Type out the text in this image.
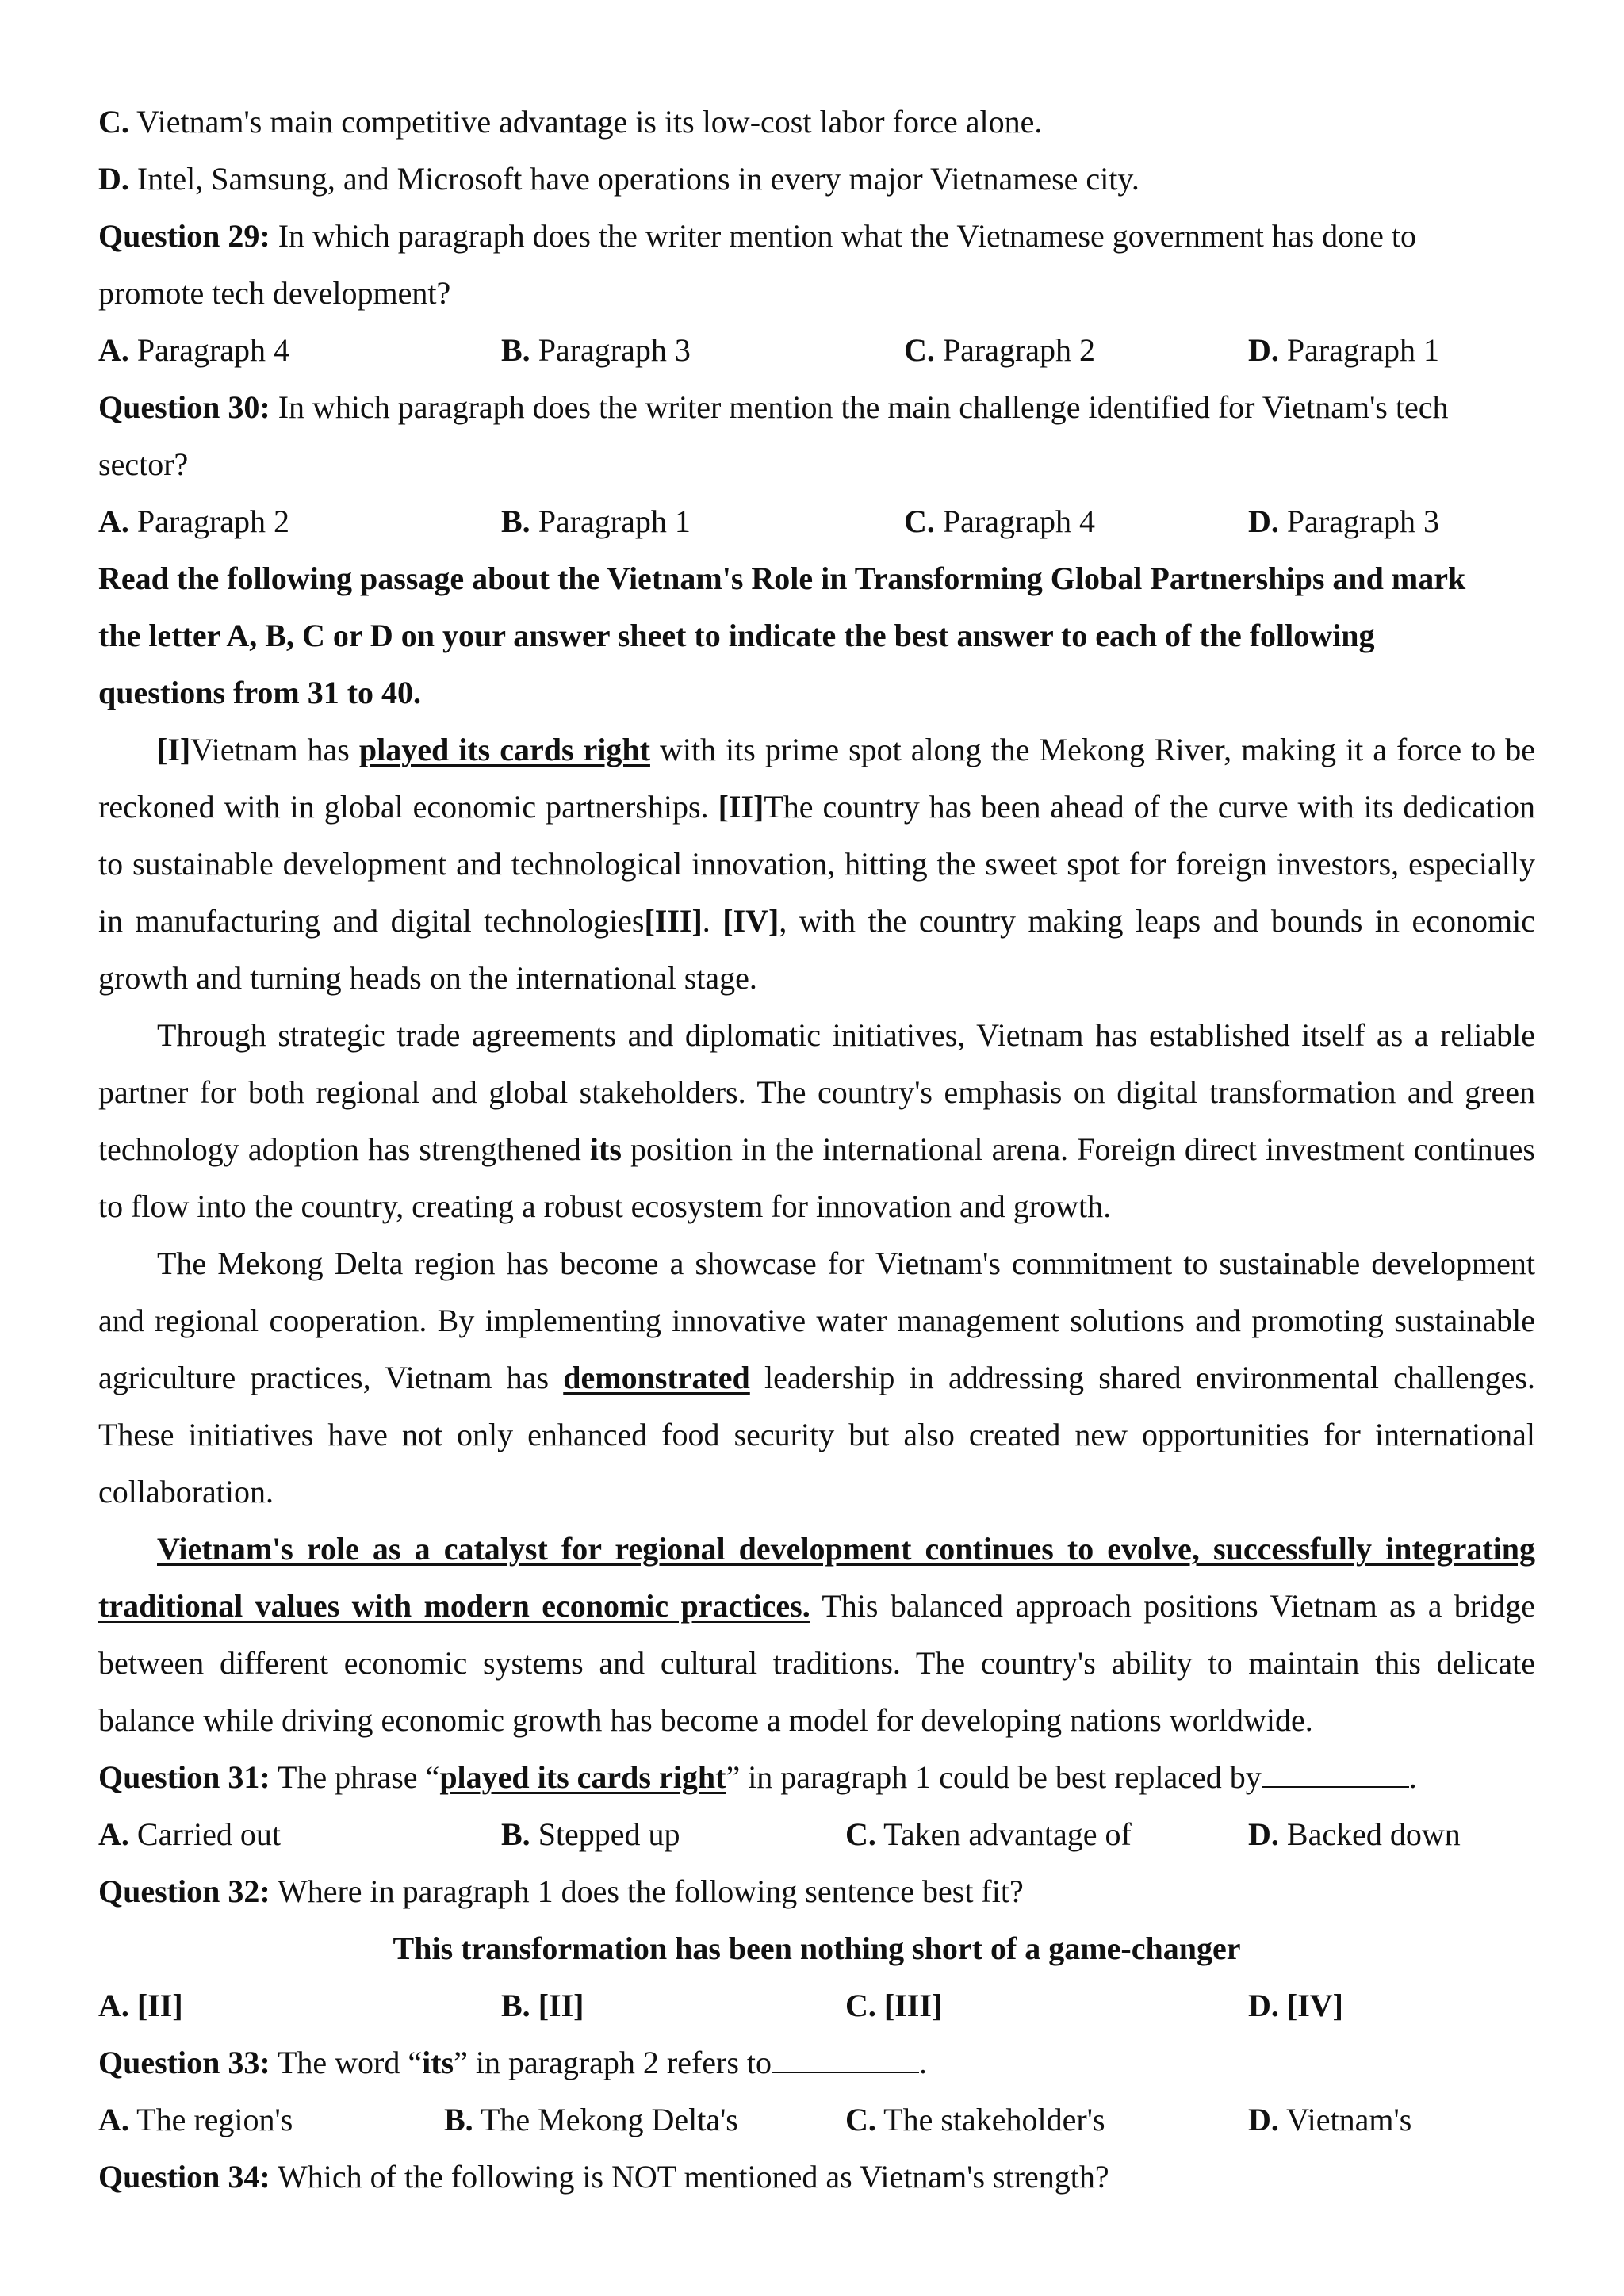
C. Vietnam's main competitive advantage is its low-cost labor force alone.

D. Intel, Samsung, and Microsoft have operations in every major Vietnamese city.

Question 29: In which paragraph does the writer mention what the Vietnamese government has done to

promote tech development?

A. Paragraph 4	B. Paragraph 3	C. Paragraph 2	D. Paragraph 1

Question 30: In which paragraph does the writer mention the main challenge identified for Vietnam's tech

sector?

A. Paragraph 2	B. Paragraph 1	C. Paragraph 4	D. Paragraph 3

Read the following passage about the Vietnam's Role in Transforming Global Partnerships and mark

the letter A, B, C or D on your answer sheet to indicate the best answer to each of the following

questions from 31 to 40.

[I]Vietnam has played its cards right with its prime spot along the Mekong River, making it a force to be reckoned with in global economic partnerships. [II]The country has been ahead of the curve with its dedication to sustainable development and technological innovation, hitting the sweet spot for foreign investors, especially in manufacturing and digital technologies[III]. [IV], with the country making leaps and bounds in economic growth and turning heads on the international stage.

Through strategic trade agreements and diplomatic initiatives, Vietnam has established itself as a reliable partner for both regional and global stakeholders. The country's emphasis on digital transformation and green technology adoption has strengthened its position in the international arena. Foreign direct investment continues to flow into the country, creating a robust ecosystem for innovation and growth.

The Mekong Delta region has become a showcase for Vietnam's commitment to sustainable development and regional cooperation. By implementing innovative water management solutions and promoting sustainable agriculture practices, Vietnam has demonstrated leadership in addressing shared environmental challenges. These initiatives have not only enhanced food security but also created new opportunities for international collaboration.

Vietnam's role as a catalyst for regional development continues to evolve, successfully integrating traditional values with modern economic practices. This balanced approach positions Vietnam as a bridge between different economic systems and cultural traditions. The country's ability to maintain this delicate balance while driving economic growth has become a model for developing nations worldwide.

Question 31: The phrase “played its cards right” in paragraph 1 could be best replaced by	.

A. Carried out	B. Stepped up	C. Taken advantage of	D. Backed down

Question 32: Where in paragraph 1 does the following sentence best fit?

This transformation has been nothing short of a game-changer

A. [II]	B. [II]	C. [III]	D. [IV]

Question 33: The word “its” in paragraph 2 refers to	.

A. The region's	B. The Mekong Delta's	C. The stakeholder's	D. Vietnam's

Question 34: Which of the following is NOT mentioned as Vietnam's strength?
